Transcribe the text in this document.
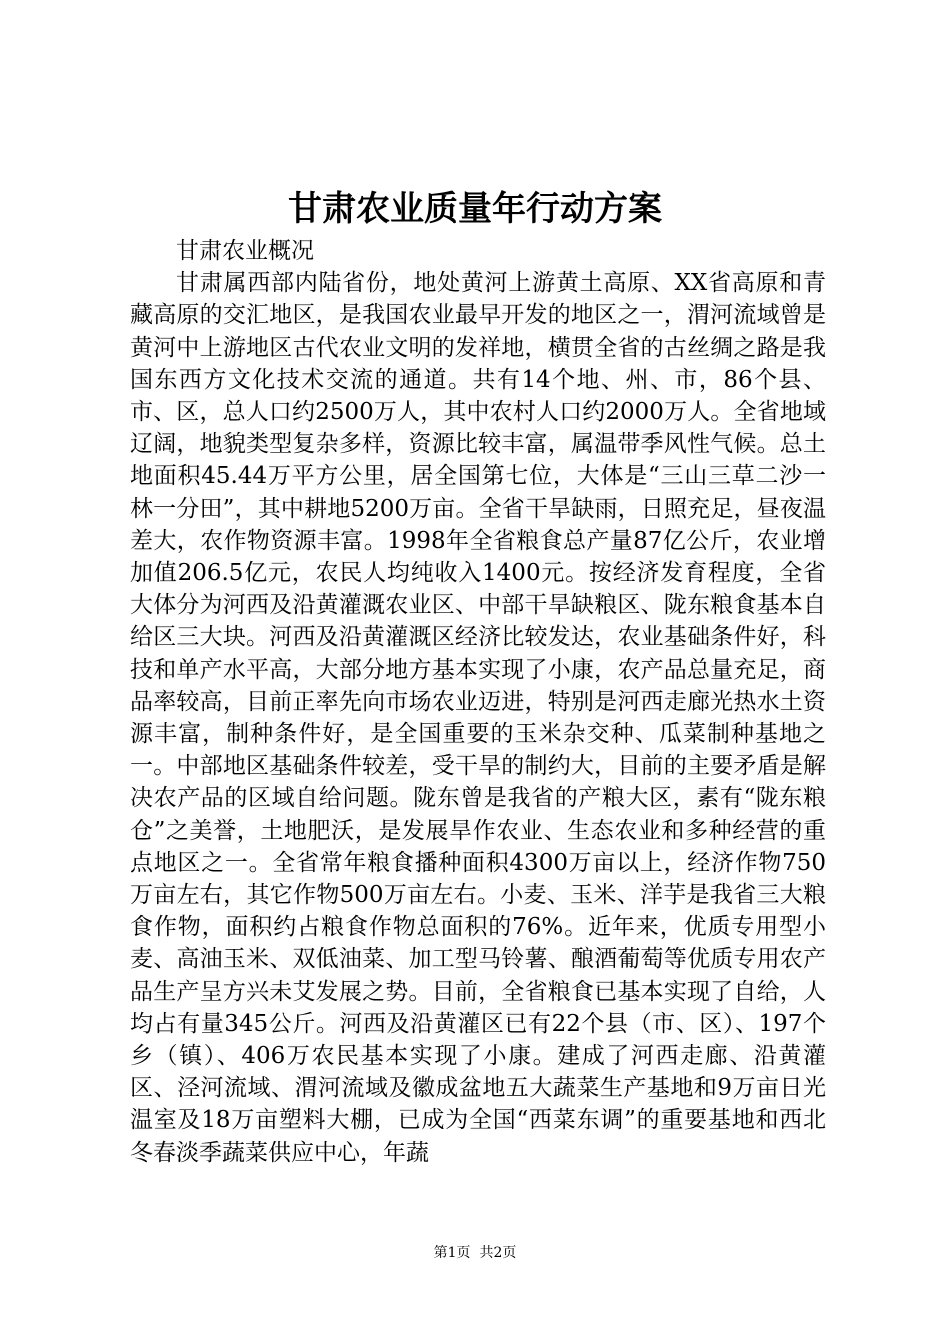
甘肃农业质量年行动方案

甘肃农业概况

甘肃属西部内陆省份，地处黄河上游黄土高原、XX省高原和青藏高原的交汇地区，是我国农业最早开发的地区之一，渭河流域曾是黄河中上游地区古代农业文明的发祥地，横贯全省的古丝绸之路是我国东西方文化技术交流的通道。共有14个地、州、市，86个县、市、区，总人口约2500万人，其中农村人口约2000万人。全省地域辽阔，地貌类型复杂多样，资源比较丰富，属温带季风性气候。总土地面积45.44万平方公里，居全国第七位，大体是“三山三草二沙一林一分田”，其中耕地5200万亩。全省干旱缺雨，日照充足，昼夜温差大，农作物资源丰富。1998年全省粮食总产量87亿公斤，农业增加值206.5亿元，农民人均纯收入1400元。按经济发育程度，全省大体分为河西及沿黄灌溉农业区、中部干旱缺粮区、陇东粮食基本自给区三大块。河西及沿黄灌溉区经济比较发达，农业基础条件好，科技和单产水平高，大部分地方基本实现了小康，农产品总量充足，商品率较高，目前正率先向市场农业迈进，特别是河西走廊光热水土资源丰富，制种条件好，是全国重要的玉米杂交种、瓜菜制种基地之一。中部地区基础条件较差，受干旱的制约大，目前的主要矛盾是解决农产品的区域自给问题。陇东曾是我省的产粮大区，素有“陇东粮仓”之美誉，土地肥沃，是发展旱作农业、生态农业和多种经营的重点地区之一。全省常年粮食播种面积4300万亩以上，经济作物750万亩左右，其它作物500万亩左右。小麦、玉米、洋芋是我省三大粮食作物，面积约占粮食作物总面积的76%。近年来，优质专用型小麦、高油玉米、双低油菜、加工型马铃薯、酿酒葡萄等优质专用农产品生产呈方兴未艾发展之势。目前，全省粮食已基本实现了自给，人均占有量345公斤。河西及沿黄灌区已有22个县（市、区）、197个乡（镇）、406万农民基本实现了小康。建成了河西走廊、沿黄灌区、泾河流域、渭河流域及徽成盆地五大蔬菜生产基地和9万亩日光温室及18万亩塑料大棚，已成为全国“西菜东调”的重要基地和西北冬春淡季蔬菜供应中心，年蔬

第1页 共2页
